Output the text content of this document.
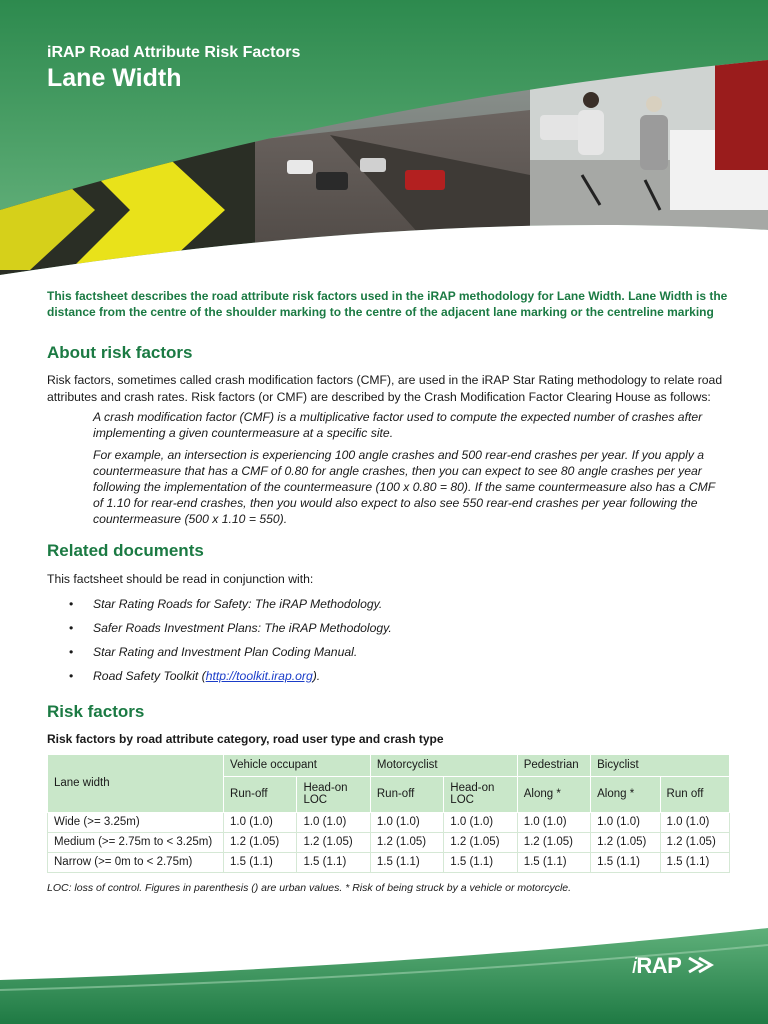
iRAP Road Attribute Risk Factors
Lane Width

This factsheet describes the road attribute risk factors used in the iRAP methodology for Lane Width. Lane Width is the distance from the centre of the shoulder marking to the centre of the adjacent lane marking or the centreline marking

About risk factors

Risk factors, sometimes called crash modification factors (CMF), are used in the iRAP Star Rating methodology to relate road attributes and crash rates. Risk factors (or CMF) are described by the Crash Modification Factor Clearing House as follows:

A crash modification factor (CMF) is a multiplicative factor used to compute the expected number of crashes after implementing a given countermeasure at a specific site.

For example, an intersection is experiencing 100 angle crashes and 500 rear-end crashes per year. If you apply a countermeasure that has a CMF of 0.80 for angle crashes, then you can expect to see 80 angle crashes per year following the implementation of the countermeasure (100 x 0.80 = 80). If the same countermeasure also has a CMF of 1.10 for rear-end crashes, then you would also expect to also see 550 rear-end crashes per year following the countermeasure (500 x 1.10 = 550).

Related documents

This factsheet should be read in conjunction with:

• Star Rating Roads for Safety: The iRAP Methodology.
• Safer Roads Investment Plans: The iRAP Methodology.
• Star Rating and Investment Plan Coding Manual.
• Road Safety Toolkit (http://toolkit.irap.org).
Risk factors

Risk factors by road attribute category, road user type and crash type

Lane width	Vehicle occupant		Motorcyclist		Pedestrian	Bicyclist	
	Run-off	Head-on LOC	Run-off	Head-on LOC	Along *	Along *	Run off
Wide (>= 3.25m)	1.0 (1.0)	1.0 (1.0)	1.0 (1.0)	1.0 (1.0)	1.0 (1.0)	1.0 (1.0)	1.0 (1.0)
Medium (>= 2.75m to < 3.25m)	1.2 (1.05)	1.2 (1.05)	1.2 (1.05)	1.2 (1.05)	1.2 (1.05)	1.2 (1.05)	1.2 (1.05)
Narrow (>= 0m to < 2.75m)	1.5 (1.1)	1.5 (1.1)	1.5 (1.1)	1.5 (1.1)	1.5 (1.1)	1.5 (1.1)	1.5 (1.1)

LOC: loss of control. Figures in parenthesis () are urban values. * Risk of being struck by a vehicle or motorcycle.

iRAP
